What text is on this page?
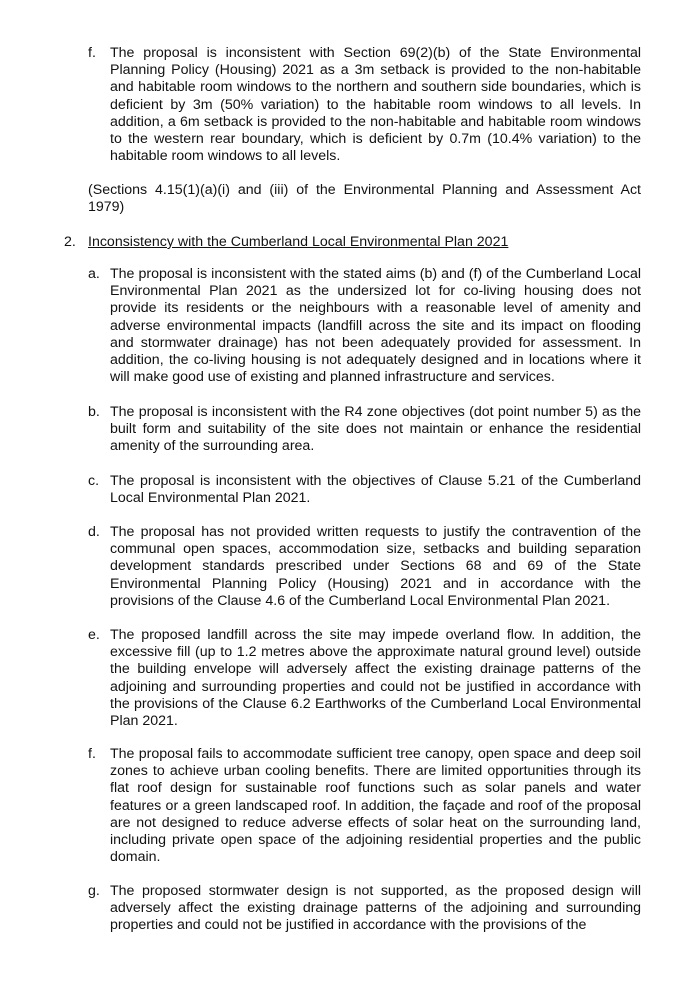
f. The proposal is inconsistent with Section 69(2)(b) of the State Environmental Planning Policy (Housing) 2021 as a 3m setback is provided to the non-habitable and habitable room windows to the northern and southern side boundaries, which is deficient by 3m (50% variation) to the habitable room windows to all levels. In addition, a 6m setback is provided to the non-habitable and habitable room windows to the western rear boundary, which is deficient by 0.7m (10.4% variation) to the habitable room windows to all levels.
(Sections 4.15(1)(a)(i) and (iii) of the Environmental Planning and Assessment Act 1979)
2. Inconsistency with the Cumberland Local Environmental Plan 2021
a. The proposal is inconsistent with the stated aims (b) and (f) of the Cumberland Local Environmental Plan 2021 as the undersized lot for co-living housing does not provide its residents or the neighbours with a reasonable level of amenity and adverse environmental impacts (landfill across the site and its impact on flooding and stormwater drainage) has not been adequately provided for assessment. In addition, the co-living housing is not adequately designed and in locations where it will make good use of existing and planned infrastructure and services.
b. The proposal is inconsistent with the R4 zone objectives (dot point number 5) as the built form and suitability of the site does not maintain or enhance the residential amenity of the surrounding area.
c. The proposal is inconsistent with the objectives of Clause 5.21 of the Cumberland Local Environmental Plan 2021.
d. The proposal has not provided written requests to justify the contravention of the communal open spaces, accommodation size, setbacks and building separation development standards prescribed under Sections 68 and 69 of the State Environmental Planning Policy (Housing) 2021 and in accordance with the provisions of the Clause 4.6 of the Cumberland Local Environmental Plan 2021.
e. The proposed landfill across the site may impede overland flow. In addition, the excessive fill (up to 1.2 metres above the approximate natural ground level) outside the building envelope will adversely affect the existing drainage patterns of the adjoining and surrounding properties and could not be justified in accordance with the provisions of the Clause 6.2 Earthworks of the Cumberland Local Environmental Plan 2021.
f. The proposal fails to accommodate sufficient tree canopy, open space and deep soil zones to achieve urban cooling benefits. There are limited opportunities through its flat roof design for sustainable roof functions such as solar panels and water features or a green landscaped roof. In addition, the façade and roof of the proposal are not designed to reduce adverse effects of solar heat on the surrounding land, including private open space of the adjoining residential properties and the public domain.
g. The proposed stormwater design is not supported, as the proposed design will adversely affect the existing drainage patterns of the adjoining and surrounding properties and could not be justified in accordance with the provisions of the
